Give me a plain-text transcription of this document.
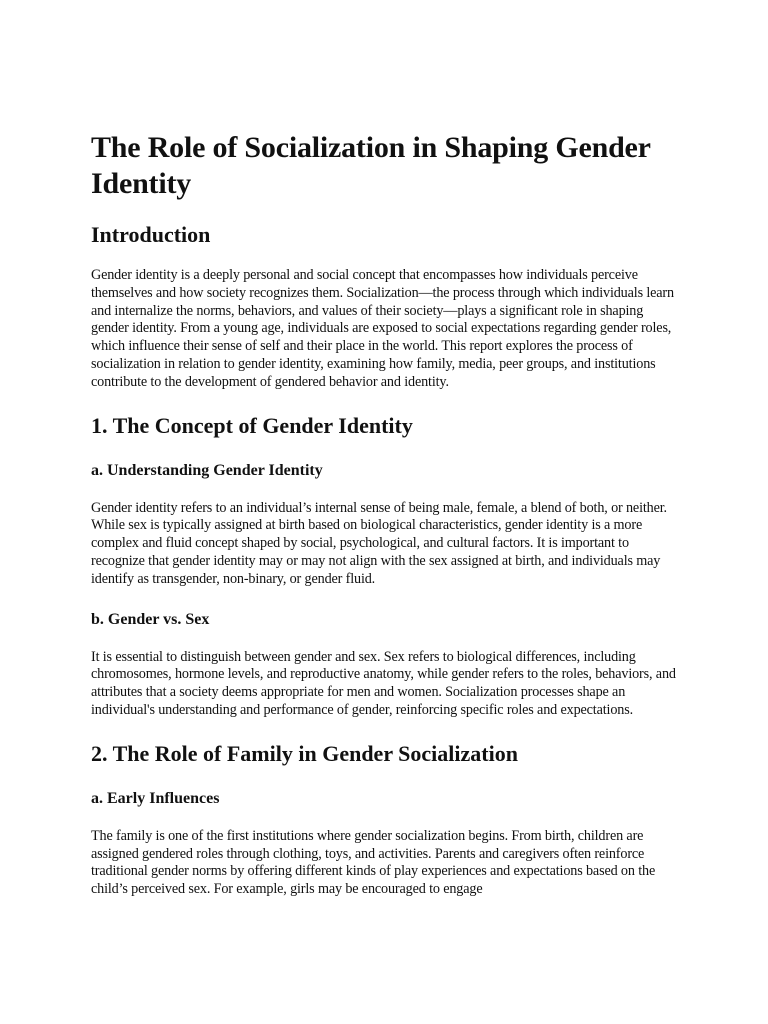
The Role of Socialization in Shaping Gender Identity
Introduction

Gender identity is a deeply personal and social concept that encompasses how individuals perceive themselves and how society recognizes them. Socialization—the process through which individuals learn and internalize the norms, behaviors, and values of their society—plays a significant role in shaping gender identity. From a young age, individuals are exposed to social expectations regarding gender roles, which influence their sense of self and their place in the world. This report explores the process of socialization in relation to gender identity, examining how family, media, peer groups, and institutions contribute to the development of gendered behavior and identity.

1. The Concept of Gender Identity
a. Understanding Gender Identity

Gender identity refers to an individual’s internal sense of being male, female, a blend of both, or neither. While sex is typically assigned at birth based on biological characteristics, gender identity is a more complex and fluid concept shaped by social, psychological, and cultural factors. It is important to recognize that gender identity may or may not align with the sex assigned at birth, and individuals may identify as transgender, non-binary, or gender fluid.

b. Gender vs. Sex

It is essential to distinguish between gender and sex. Sex refers to biological differences, including chromosomes, hormone levels, and reproductive anatomy, while gender refers to the roles, behaviors, and attributes that a society deems appropriate for men and women. Socialization processes shape an individual's understanding and performance of gender, reinforcing specific roles and expectations.

2. The Role of Family in Gender Socialization
a. Early Influences

The family is one of the first institutions where gender socialization begins. From birth, children are assigned gendered roles through clothing, toys, and activities. Parents and caregivers often reinforce traditional gender norms by offering different kinds of play experiences and expectations based on the child’s perceived sex. For example, girls may be encouraged to engage
